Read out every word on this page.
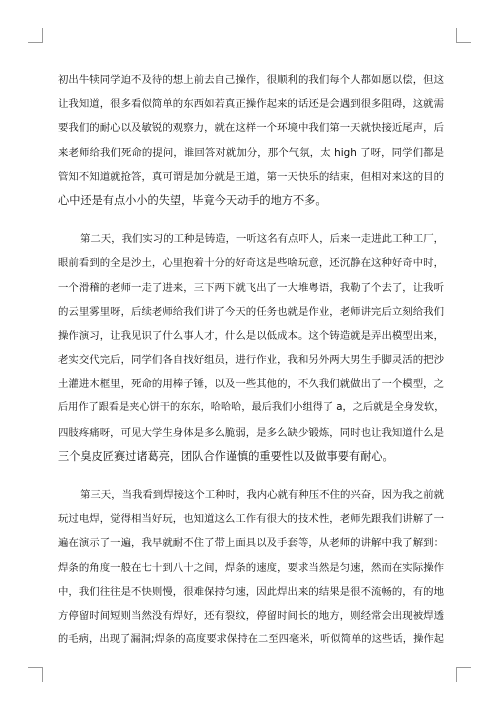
初出牛犊同学迫不及待的想上前去自己操作，很顺利的我们每个人都如愿以偿，但这
让我知道，很多看似简单的东西如若真正操作起来的话还是会遇到很多阻碍，这就需
要我们的耐心以及敏锐的观察力，就在这样一个环境中我们第一天就快接近尾声，后
来老师给我们死命的提问，谁回答对就加分，那个气氛，太 high 了呀，同学们都是
管知不知道就抢答，真可谓是加分就是王道，第一天快乐的结束，但相对来这的目的
心中还是有点小小的失望，毕竟今天动手的地方不多。
第二天，我们实习的工种是铸造，一听这名有点吓人，后来一走进此工种工厂，
眼前看到的全是沙土，心里抱着十分的好奇这是些啥玩意，还沉静在这种好奇中时，
一个滑稽的老师一走了进来，三下两下就飞出了一大堆粤语，我勒了个去了，让我听
的云里雾里呀，后续老师给我们讲了今天的任务也就是作业，老师讲完后立刻给我们
操作演习，让我见识了什么事人才，什么是以低成本。这个铸造就是弄出模型出来，
老实交代完后，同学们各自找好组员，进行作业，我和另外两大男生手脚灵活的把沙
土灌进木框里，死命的用棒子锤，以及一些其他的，不久我们就做出了一个模型，之
后用作了跟看是夹心饼干的东东，哈哈哈，最后我们小组得了 a，之后就是全身发软，
四肢疼痛呀，可见大学生身体是多么脆弱，是多么缺少锻炼，同时也让我知道什么是
三个臭皮匠赛过诸葛亮，团队合作谨慎的重要性以及做事要有耐心。
第三天，当我看到焊接这个工种时，我内心就有种压不住的兴奋，因为我之前就
玩过电焊，觉得相当好玩，也知道这么工作有很大的技术性，老师先跟我们讲解了一
遍在演示了一遍，我早就耐不住了带上面具以及手套等，从老师的讲解中我了解到：
焊条的角度一般在七十到八十之间，焊条的速度，要求当然是匀速，然而在实际操作
中，我们往往是不快则慢，很难保持匀速，因此焊出来的结果是很不流畅的，有的地
方停留时间短则当然没有焊好，还有裂纹，停留时间长的地方，则经常会出现被焊透
的毛病，出现了漏洞;焊条的高度要求保持在二至四毫米，听似简单的这些话，操作起
